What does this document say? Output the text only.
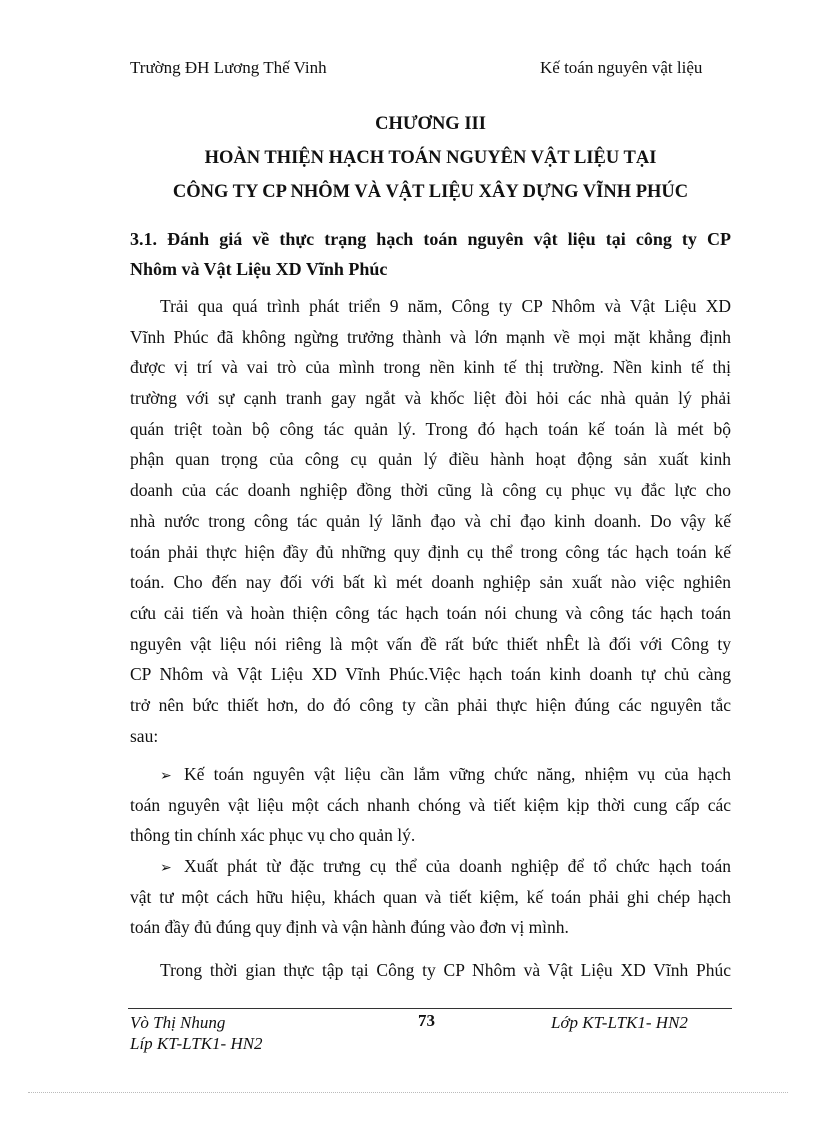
Trường ĐH Lương Thế Vinh	Kế toán nguyên vật liệu
CHƯƠNG III
HOÀN THIỆN HẠCH TOÁN NGUYÊN VẬT LIỆU TẠI
CÔNG TY CP NHÔM VÀ VẬT LIỆU XÂY DỰNG VĨNH PHÚC
3.1. Đánh giá về thực trạng hạch toán nguyên vật liệu tại công ty CP
Nhôm và Vật Liệu XD Vĩnh Phúc
Trải qua quá trình phát triển 9 năm, Công ty CP Nhôm và Vật Liệu XD
Vĩnh Phúc đã không ngừng trưởng thành và lớn mạnh về mọi mặt khẳng định
được vị trí và vai trò của mình trong nền kinh tế thị trường. Nền kinh tế thị
trường với sự cạnh tranh gay ngắt và khốc liệt đòi hỏi các nhà quản lý phải
quán triệt toàn bộ công tác quản lý. Trong đó hạch toán kế toán là mét bộ
phận quan trọng của công cụ quản lý điều hành hoạt động sản xuất kinh
doanh của các doanh nghiệp đồng thời cũng là công cụ phục vụ đắc lực cho
nhà nước trong công tác quản lý lãnh đạo và chỉ đạo kinh doanh. Do vậy kế
toán phải thực hiện đầy đủ những quy định cụ thể trong công tác hạch toán kế
toán. Cho đến nay đối với bất kì mét doanh nghiệp sản xuất nào việc nghiên
cứu cải tiến và hoàn thiện công tác hạch toán nói chung và công tác hạch toán
nguyên vật liệu nói riêng là một vấn đề rất bức thiết nhÊt là đối với Công ty
CP Nhôm và Vật Liệu XD Vĩnh Phúc.Việc hạch toán kinh doanh tự chủ càng
trở nên bức thiết hơn, do đó công ty cần phải thực hiện đúng các nguyên tắc
sau:
➢ Kế toán nguyên vật liệu cần lắm vững chức năng, nhiệm vụ của hạch
toán nguyên vật liệu một cách nhanh chóng và tiết kiệm kịp thời cung cấp các
thông tin chính xác phục vụ cho quản lý.
➢ Xuất phát từ đặc trưng cụ thể của doanh nghiệp để tổ chức hạch toán
vật tư một cách hữu hiệu, khách quan và tiết kiệm, kế toán phải ghi chép hạch
toán đầy đủ đúng quy định và vận hành đúng vào đơn vị mình.
Trong thời gian thực tập tại Công ty CP Nhôm và Vật Liệu XD Vĩnh Phúc
Vò Thị Nhung
Líp KT-LTK1- HN2
73	Lớp KT-LTK1- HN2
